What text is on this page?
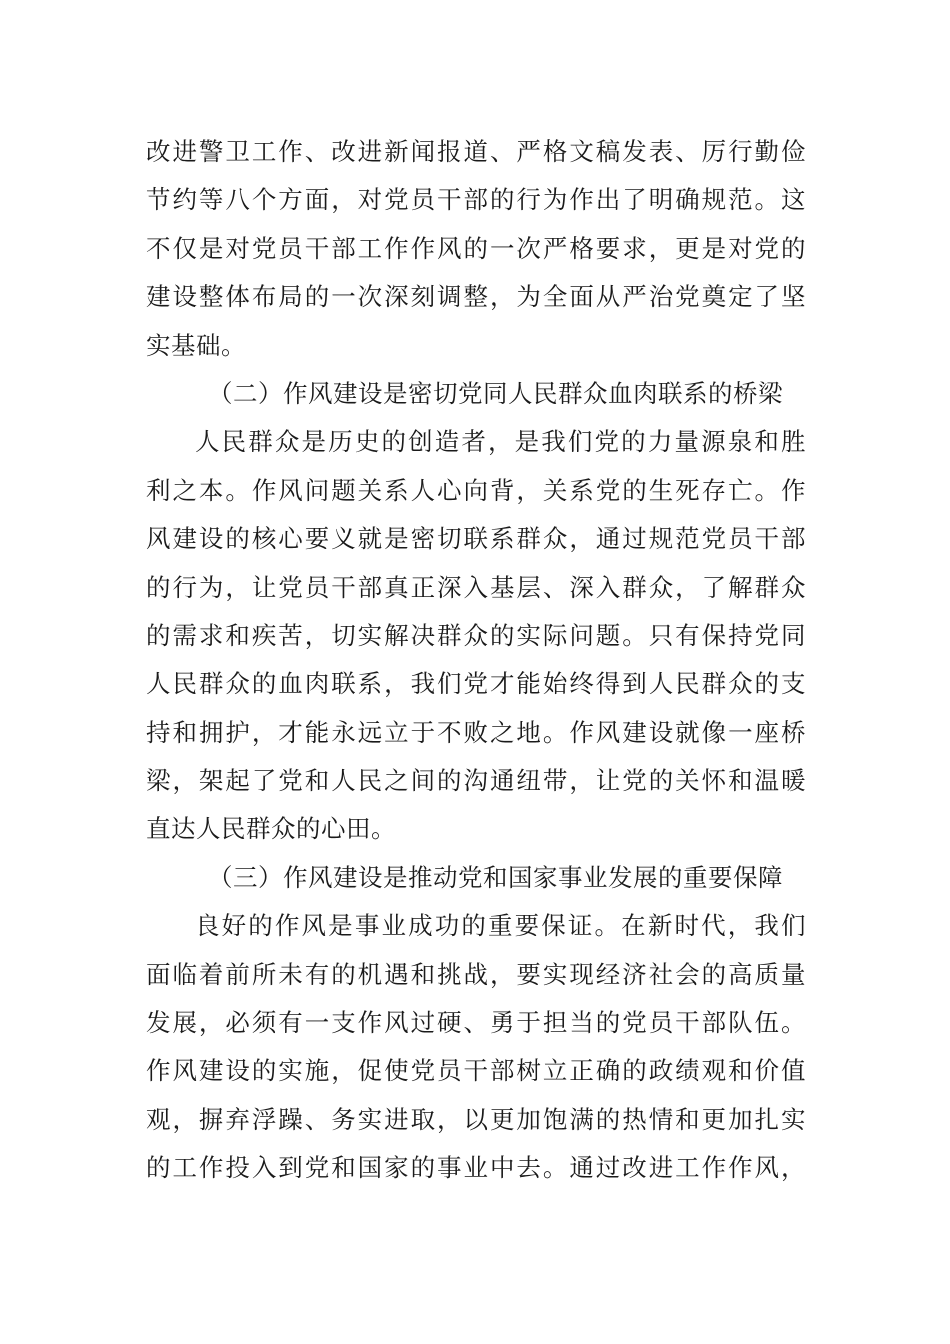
改进警卫工作、改进新闻报道、严格文稿发表、厉行勤俭
节约等八个方面，对党员干部的行为作出了明确规范。这
不仅是对党员干部工作作风的一次严格要求，更是对党的
建设整体布局的一次深刻调整，为全面从严治党奠定了坚
实基础。
（二）作风建设是密切党同人民群众血肉联系的桥梁
人民群众是历史的创造者，是我们党的力量源泉和胜
利之本。作风问题关系人心向背，关系党的生死存亡。作
风建设的核心要义就是密切联系群众，通过规范党员干部
的行为，让党员干部真正深入基层、深入群众，了解群众
的需求和疾苦，切实解决群众的实际问题。只有保持党同
人民群众的血肉联系，我们党才能始终得到人民群众的支
持和拥护，才能永远立于不败之地。作风建设就像一座桥
梁，架起了党和人民之间的沟通纽带，让党的关怀和温暖
直达人民群众的心田。
（三）作风建设是推动党和国家事业发展的重要保障
良好的作风是事业成功的重要保证。在新时代，我们
面临着前所未有的机遇和挑战，要实现经济社会的高质量
发展，必须有一支作风过硬、勇于担当的党员干部队伍。
作风建设的实施，促使党员干部树立正确的政绩观和价值
观，摒弃浮躁、务实进取，以更加饱满的热情和更加扎实
的工作投入到党和国家的事业中去。通过改进工作作风，
